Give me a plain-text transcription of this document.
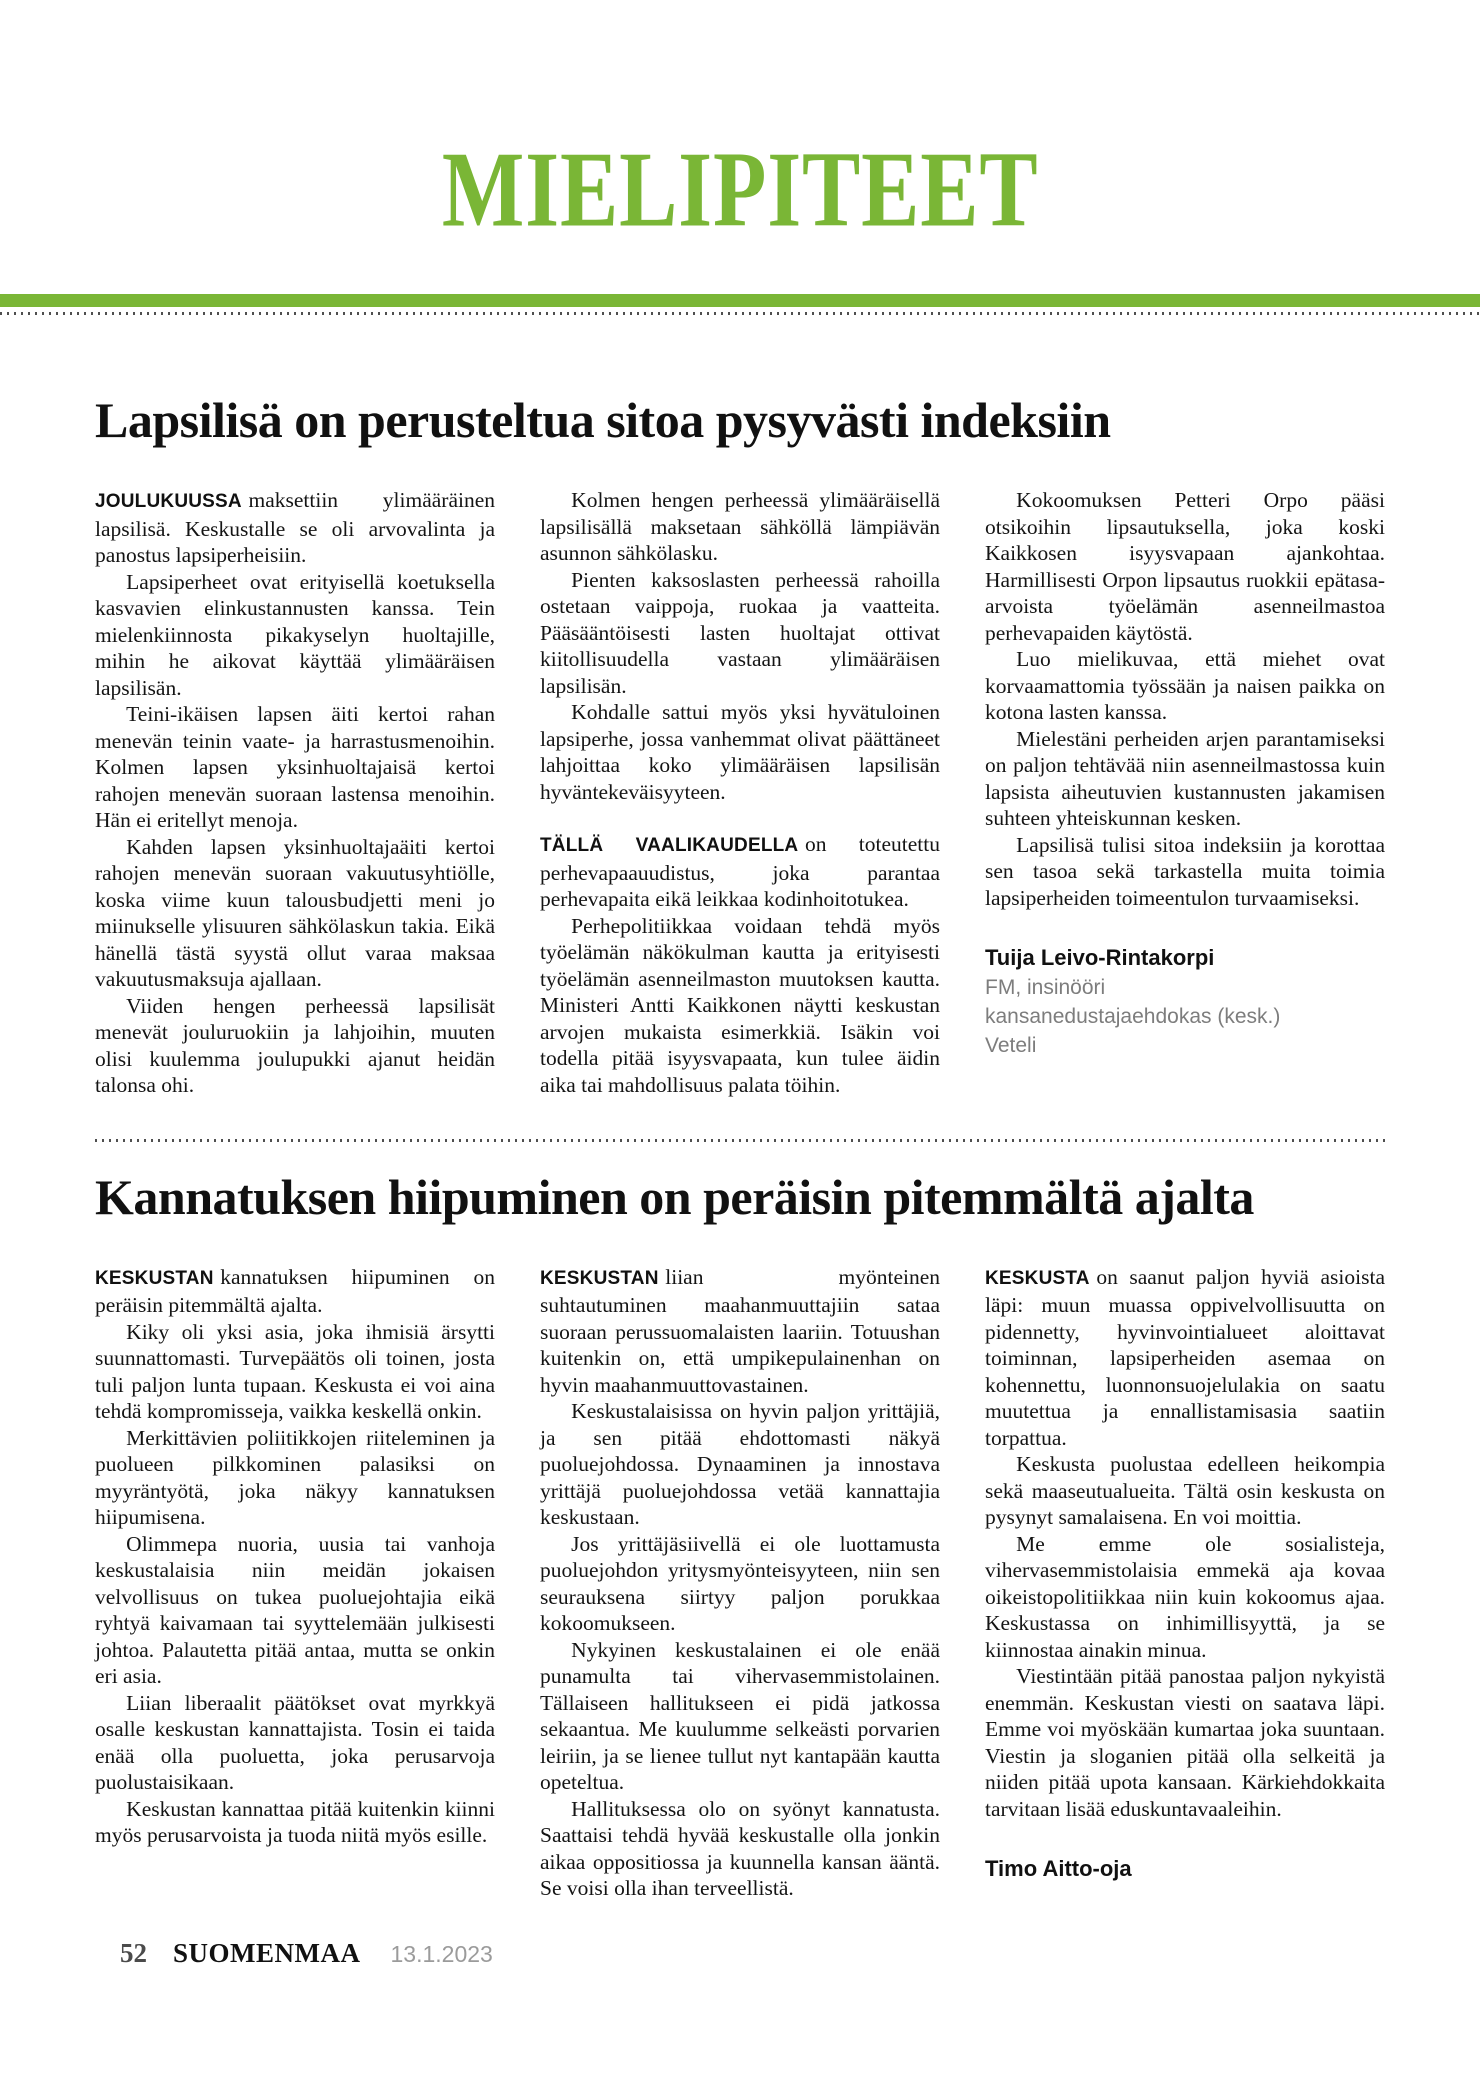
MIELIPITEET
Lapsilisä on perusteltua sitoa pysyvästi indeksiin

JOULUKUUSSA maksettiin ylimääräinen lapsilisä. Keskustalle se oli arvovalinta ja panostus lapsiperheisiin.

Lapsiperheet ovat erityisellä koetuksella kasvavien elinkustannusten kanssa. Tein mielenkiinnosta pikakyselyn huoltajille, mihin he aikovat käyttää ylimääräisen lapsilisän.

Teini-ikäisen lapsen äiti kertoi rahan menevän teinin vaate- ja harrastusmenoihin. Kolmen lapsen yksinhuoltajaisä kertoi rahojen menevän suoraan lastensa menoihin. Hän ei eritellyt menoja.

Kahden lapsen yksinhuoltajaäiti kertoi rahojen menevän suoraan vakuutusyhtiölle, koska viime kuun talousbudjetti meni jo miinukselle ylisuuren sähkölaskun takia. Eikä hänellä tästä syystä ollut varaa maksaa vakuutusmaksuja ajallaan.

Viiden hengen perheessä lapsilisät menevät jouluruokiin ja lahjoihin, muuten olisi kuulemma joulupukki ajanut heidän talonsa ohi.

Kolmen hengen perheessä ylimääräisellä lapsilisällä maksetaan sähköllä lämpiävän asunnon sähkölasku.

Pienten kaksoslasten perheessä rahoilla ostetaan vaippoja, ruokaa ja vaatteita. Pääsääntöisesti lasten huoltajat ottivat kiitollisuudella vastaan ylimääräisen lapsilisän.

Kohdalle sattui myös yksi hyvätuloinen lapsiperhe, jossa vanhemmat olivat päättäneet lahjoittaa koko ylimääräisen lapsilisän hyväntekeväisyyteen.

TÄLLÄ VAALIKAUDELLA on toteutettu perhevapaauudistus, joka parantaa perhevapaita eikä leikkaa kodinhoitotukea.

Perhepolitiikkaa voidaan tehdä myös työelämän näkökulman kautta ja erityisesti työelämän asenneilmaston muutoksen kautta. Ministeri Antti Kaikkonen näytti keskustan arvojen mukaista esimerkkiä. Isäkin voi todella pitää isyysvapaata, kun tulee äidin aika tai mahdollisuus palata töihin.

Kokoomuksen Petteri Orpo pääsi otsikoihin lipsautuksella, joka koski Kaikkosen isyysvapaan ajankohtaa. Harmillisesti Orpon lipsautus ruokkii epätasa-arvoista työelämän asenneilmastoa perhevapaiden käytöstä.

Luo mielikuvaa, että miehet ovat korvaamattomia työssään ja naisen paikka on kotona lasten kanssa.

Mielestäni perheiden arjen parantamiseksi on paljon tehtävää niin asenneilmastossa kuin lapsista aiheutuvien kustannusten jakamisen suhteen yhteiskunnan kesken.

Lapsilisä tulisi sitoa indeksiin ja korottaa sen tasoa sekä tarkastella muita toimia lapsiperheiden toimeentulon turvaamiseksi.

Tuija Leivo-Rintakorpi

FM, insinööri

kansanedustajaehdokas (kesk.)

Veteli

Kannatuksen hiipuminen on peräisin pitemmältä ajalta

KESKUSTAN kannatuksen hiipuminen on peräisin pitemmältä ajalta.

Kiky oli yksi asia, joka ihmisiä ärsytti suunnattomasti. Turvepäätös oli toinen, josta tuli paljon lunta tupaan. Keskusta ei voi aina tehdä kompromisseja, vaikka keskellä onkin.

Merkittävien poliitikkojen riiteleminen ja puolueen pilkkominen palasiksi on myyräntyötä, joka näkyy kannatuksen hiipumisena.

Olimmepa nuoria, uusia tai vanhoja keskustalaisia niin meidän jokaisen velvollisuus on tukea puoluejohtajia eikä ryhtyä kaivamaan tai syyttelemään julkisesti johtoa. Palautetta pitää antaa, mutta se onkin eri asia.

Liian liberaalit päätökset ovat myrkkyä osalle keskustan kannattajista. Tosin ei taida enää olla puoluetta, joka perusarvoja puolustaisikaan.

Keskustan kannattaa pitää kuitenkin kiinni myös perusarvoista ja tuoda niitä myös esille.

KESKUSTAN liian myönteinen suhtautuminen maahanmuuttajiin sataa suoraan perussuomalaisten laariin. Totuushan kuitenkin on, että umpikepulainenhan on hyvin maahanmuuttovastainen.

Keskustalaisissa on hyvin paljon yrittäjiä, ja sen pitää ehdottomasti näkyä puoluejohdossa. Dynaaminen ja innostava yrittäjä puoluejohdossa vetää kannattajia keskustaan.

Jos yrittäjäsiivellä ei ole luottamusta puoluejohdon yritysmyönteisyyteen, niin sen seurauksena siirtyy paljon porukkaa kokoomukseen.

Nykyinen keskustalainen ei ole enää punamulta tai vihervasemmistolainen. Tällaiseen hallitukseen ei pidä jatkossa sekaantua. Me kuulumme selkeästi porvarien leiriin, ja se lienee tullut nyt kantapään kautta opeteltua.

Hallituksessa olo on syönyt kannatusta. Saattaisi tehdä hyvää keskustalle olla jonkin aikaa oppositiossa ja kuunnella kansan ääntä. Se voisi olla ihan terveellistä.

KESKUSTA on saanut paljon hyviä asioista läpi: muun muassa oppivelvollisuutta on pidennetty, hyvinvointialueet aloittavat toiminnan, lapsiperheiden asemaa on kohennettu, luonnonsuojelulakia on saatu muutettua ja ennallistamisasia saatiin torpattua.

Keskusta puolustaa edelleen heikompia sekä maaseutualueita. Tältä osin keskusta on pysynyt samalaisena. En voi moittia.

Me emme ole sosialisteja, vihervasemmistolaisia emmekä aja kovaa oikeistopolitiikkaa niin kuin kokoomus ajaa. Keskustassa on inhimillisyyttä, ja se kiinnostaa ainakin minua.

Viestintään pitää panostaa paljon nykyistä enemmän. Keskustan viesti on saatava läpi. Emme voi myöskään kumartaa joka suuntaan. Viestin ja sloganien pitää olla selkeitä ja niiden pitää upota kansaan. Kärkiehdokkaita tarvitaan lisää eduskuntavaaleihin.

Timo Aitto-oja

52 SUOMENMAA 13.1.2023
